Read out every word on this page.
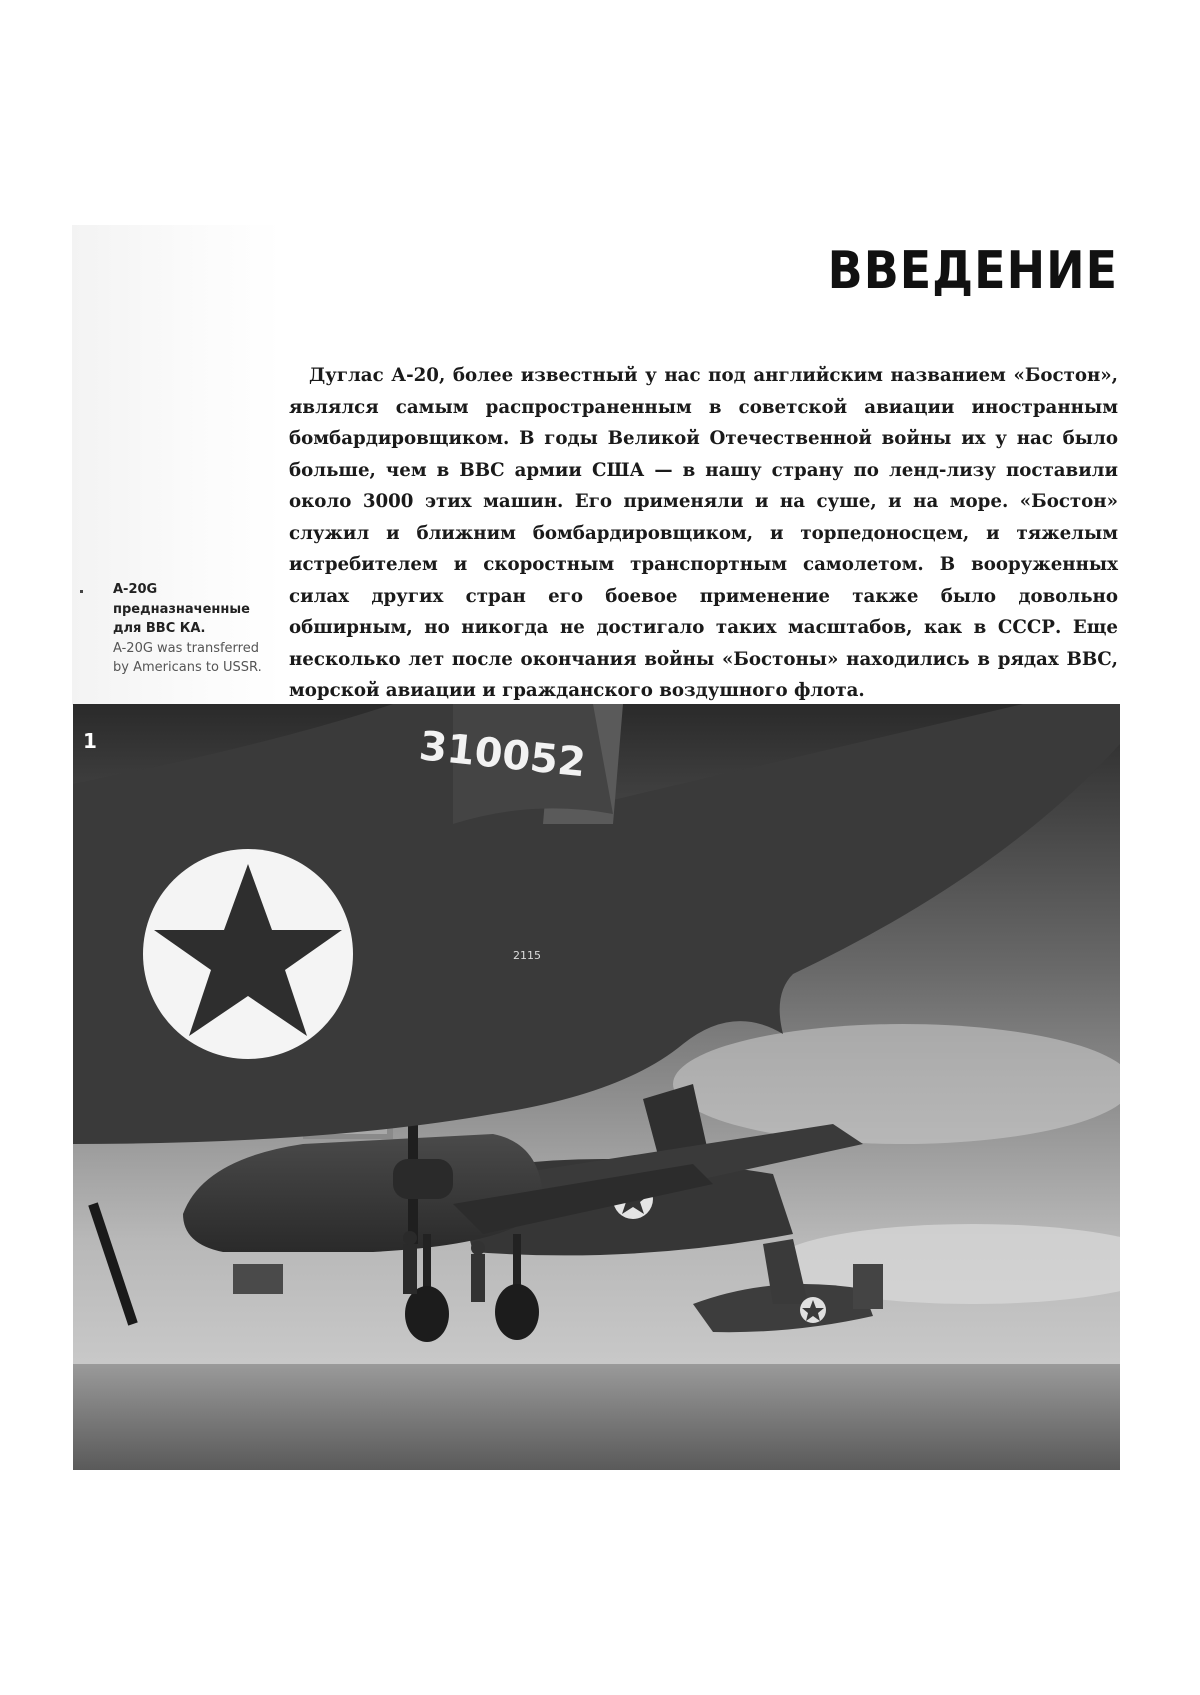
ВВЕДЕНИЕ

Дуглас А-20, более известный у нас под английским названием «Бостон», являлся самым распространенным в советской авиации иностранным бомбардировщиком. В годы Великой Отечественной войны их у нас было больше, чем в ВВС армии США — в нашу страну по ленд-лизу поставили около 3000 этих машин. Его применяли и на суше, и на море. «Бостон» служил и ближним бомбардировщиком, и торпедоносцем, и тяжелым истребителем и скоростным транспортным самолетом. В вооруженных силах других стран его боевое применение также было довольно обширным, но никогда не достигало таких масштабов, как в СССР. Еще несколько лет после окончания войны «Бостоны» находились в рядах ВВС, морской авиации и гражданского воздушного флота.

А-20G
предназначенные
для ВВС КА.
A-20G was transferred
by Americans to USSR.
310052
2115
1
